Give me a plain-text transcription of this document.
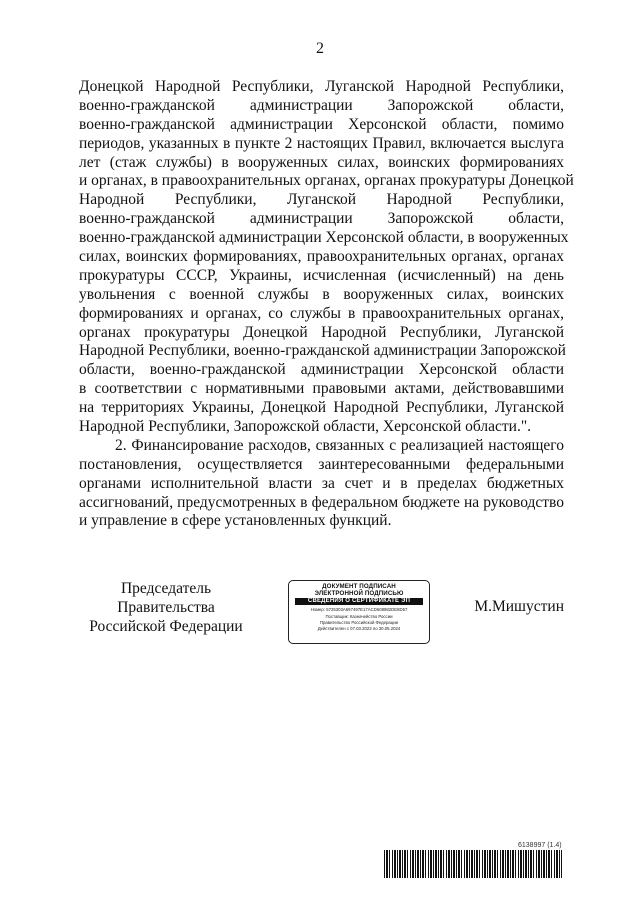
2
Донецкой Народной Республики, Луганской Народной Республики,
военно-гражданской администрации Запорожской области,
военно-гражданской администрации Херсонской области, помимо
периодов, указанных в пункте 2 настоящих Правил, включается выслуга
лет (стаж службы) в вооруженных силах, воинских формированиях
и органах, в правоохранительных органах, органах прокуратуры Донецкой
Народной Республики, Луганской Народной Республики,
военно-гражданской администрации Запорожской области,
военно-гражданской администрации Херсонской области, в вооруженных
силах, воинских формированиях, правоохранительных органах, органах
прокуратуры СССР, Украины, исчисленная (исчисленный) на день
увольнения с военной службы в вооруженных силах, воинских
формированиях и органах, со службы в правоохранительных органах,
органах прокуратуры Донецкой Народной Республики, Луганской
Народной Республики, военно-гражданской администрации Запорожской
области, военно-гражданской администрации Херсонской области
в соответствии с нормативными правовыми актами, действовавшими
на территориях Украины, Донецкой Народной Республики, Луганской
Народной Республики, Запорожской области, Херсонской области.".
2. Финансирование расходов, связанных с реализацией настоящего
постановления, осуществляется заинтересованными федеральными
органами исполнительной власти за счет и в пределах бюджетных
ассигнований, предусмотренных в федеральном бюджете на руководство
и управление в сфере установленных функций.
Председатель Правительства
Российской Федерации
ДОКУМЕНТ ПОДПИСАН
ЭЛЕКТРОННОЙ ПОДПИСЬЮ
СВЕДЕНИЯ О СЕРТИФИКАТЕ ЭП
Номер: 5725303A697497E17ACD608982DE8D57
Поставщик: Казначейство России
Правительство Российской Федерации
Действителен с 07.03.2023 по 30.05.2024
М.Мишустин
6138997 (1.4)
